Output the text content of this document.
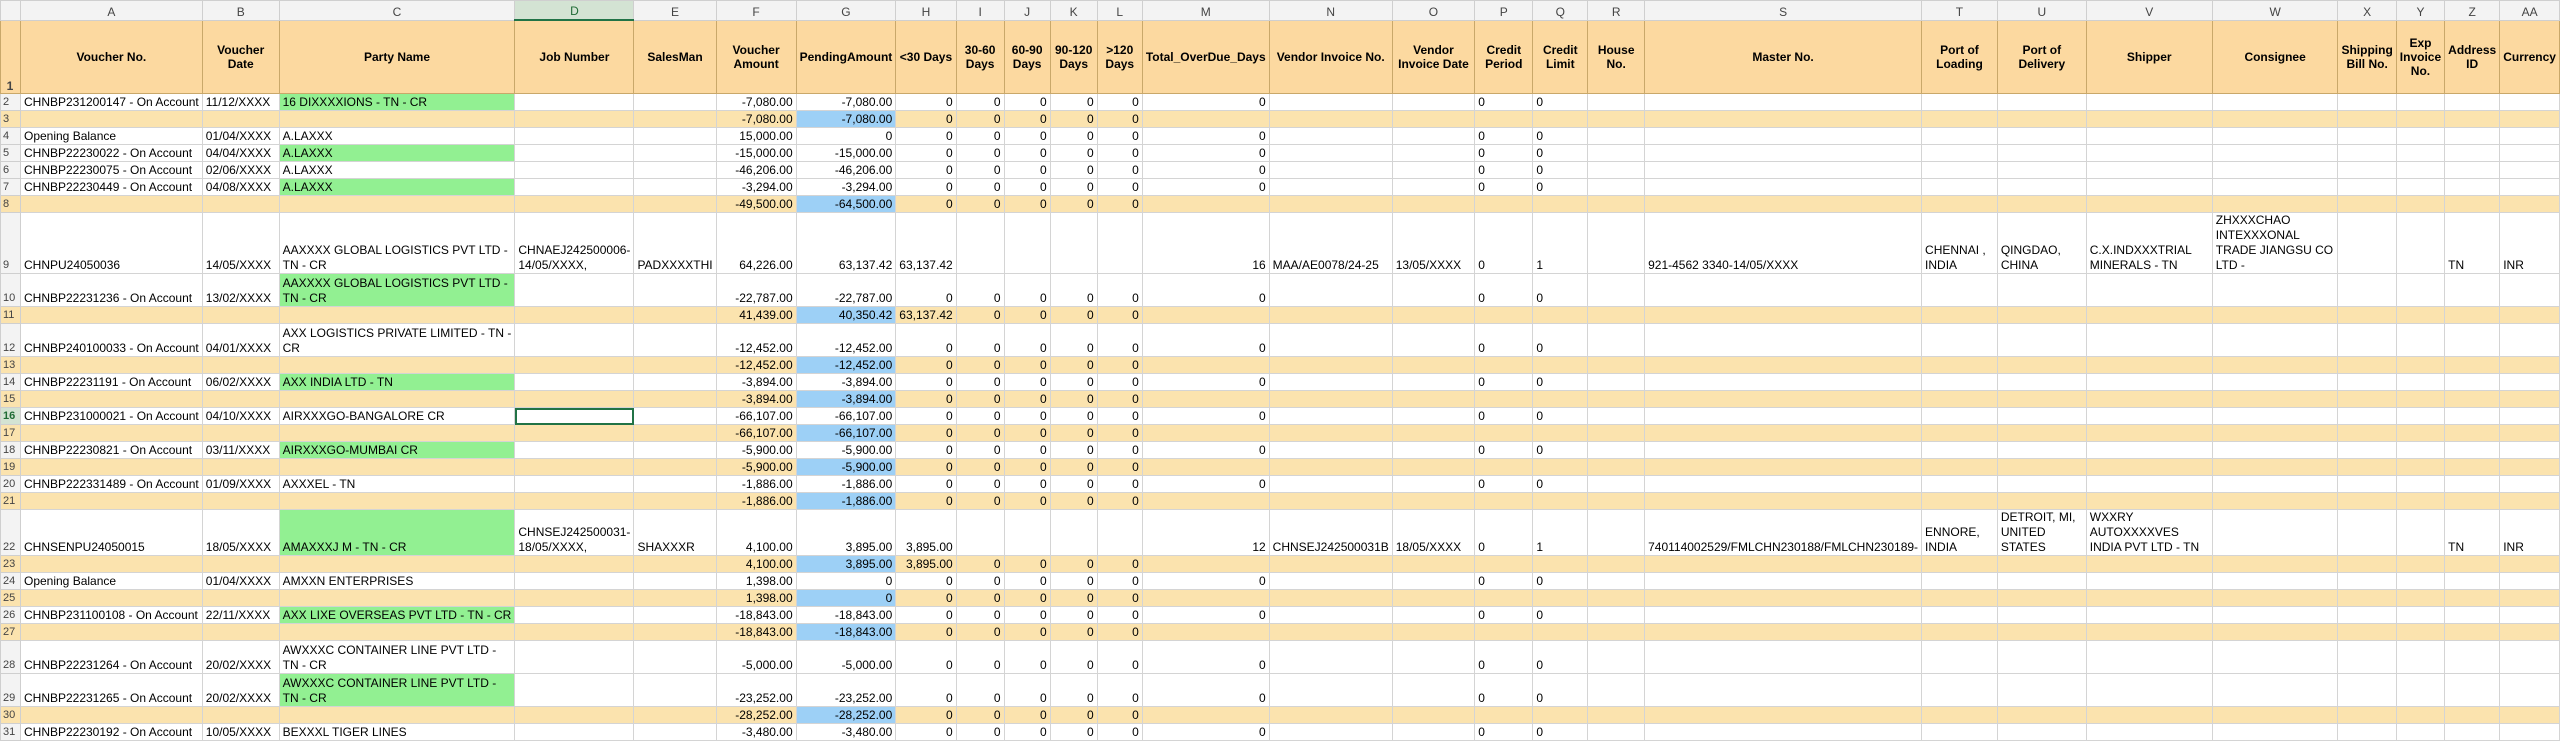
	A	B	C	D	E	F	G	H	I	J	K	L	M	N	O	P	Q	R	S	T	U	V	W	X	Y	Z	AA
1	Voucher No.	Voucher Date	Party Name	Job Number	SalesMan	Voucher Amount	PendingAmount	<30 Days	30-60 Days	60-90 Days	90-120 Days	>120 Days	Total_OverDue_Days	Vendor Invoice No.	Vendor Invoice Date	Credit Period	Credit Limit	House No.	Master No.	Port of Loading	Port of Delivery	Shipper	Consignee	Shipping Bill No.	Exp Invoice No.	Address ID	Currency
2	CHNBP231200147 - On Account	11/12/XXXX	16 DIXXXXIONS - TN - CR			-7,080.00	-7,080.00	0	0	0	0	0	0			0	0										
3						-7,080.00	-7,080.00	0	0	0	0	0															
4	Opening Balance	01/04/XXXX	A.LAXXX			15,000.00	0	0	0	0	0	0	0			0	0										
5	CHNBP22230022 - On Account	04/04/XXXX	A.LAXXX			-15,000.00	-15,000.00	0	0	0	0	0	0			0	0										
6	CHNBP22230075 - On Account	02/06/XXXX	A.LAXXX			-46,206.00	-46,206.00	0	0	0	0	0	0			0	0										
7	CHNBP22230449 - On Account	04/08/XXXX	A.LAXXX			-3,294.00	-3,294.00	0	0	0	0	0	0			0	0										
8						-49,500.00	-64,500.00	0	0	0	0	0															
9	CHNPU24050036	14/05/XXXX	AAXXXX GLOBAL LOGISTICS PVT LTD - TN - CR	CHNAEJ242500006-14/05/XXXX,	PADXXXXTHI	64,226.00	63,137.42	63,137.42					16	MAA/AE0078/24-25	13/05/XXXX	0	1		921-4562 3340-14/05/XXXX	CHENNAI , INDIA	QINGDAO, CHINA	C.X.INDXXXTRIAL MINERALS - TN	ZHXXXCHAO INTEXXXONAL TRADE JIANGSU CO LTD -			TN	INR
10	CHNBP22231236 - On Account	13/02/XXXX	AAXXXX GLOBAL LOGISTICS PVT LTD - TN - CR			-22,787.00	-22,787.00	0	0	0	0	0	0			0	0										
11						41,439.00	40,350.42	63,137.42	0	0	0	0															
12	CHNBP240100033 - On Account	04/01/XXXX	AXX LOGISTICS PRIVATE LIMITED - TN - CR			-12,452.00	-12,452.00	0	0	0	0	0	0			0	0										
13						-12,452.00	-12,452.00	0	0	0	0	0															
14	CHNBP22231191 - On Account	06/02/XXXX	AXX INDIA LTD - TN			-3,894.00	-3,894.00	0	0	0	0	0	0			0	0										
15						-3,894.00	-3,894.00	0	0	0	0	0															
16	CHNBP231000021 - On Account	04/10/XXXX	AIRXXXGO-BANGALORE CR			-66,107.00	-66,107.00	0	0	0	0	0	0			0	0										
17						-66,107.00	-66,107.00	0	0	0	0	0															
18	CHNBP22230821 - On Account	03/11/XXXX	AIRXXXGO-MUMBAI CR			-5,900.00	-5,900.00	0	0	0	0	0	0			0	0										
19						-5,900.00	-5,900.00	0	0	0	0	0															
20	CHNBP222331489 - On Account	01/09/XXXX	AXXXEL - TN			-1,886.00	-1,886.00	0	0	0	0	0	0			0	0										
21						-1,886.00	-1,886.00	0	0	0	0	0															
22	CHNSENPU24050015	18/05/XXXX	AMAXXXJ M - TN - CR	CHNSEJ242500031-18/05/XXXX,	SHAXXXR	4,100.00	3,895.00	3,895.00					12	CHNSEJ242500031B	18/05/XXXX	0	1		740114002529/FMLCHN230188/FMLCHN230189-	ENNORE, INDIA	DETROIT, MI, UNITED STATES	WXXRY AUTOXXXXVES INDIA PVT LTD - TN				TN	INR
23						4,100.00	3,895.00	3,895.00	0	0	0	0															
24	Opening Balance	01/04/XXXX	AMXXN ENTERPRISES			1,398.00	0	0	0	0	0	0	0			0	0										
25						1,398.00	0	0	0	0	0	0															
26	CHNBP231100108 - On Account	22/11/XXXX	AXX LIXE OVERSEAS PVT LTD - TN - CR			-18,843.00	-18,843.00	0	0	0	0	0	0			0	0										
27						-18,843.00	-18,843.00	0	0	0	0	0															
28	CHNBP22231264 - On Account	20/02/XXXX	AWXXXC CONTAINER LINE PVT LTD - TN - CR			-5,000.00	-5,000.00	0	0	0	0	0	0			0	0										
29	CHNBP22231265 - On Account	20/02/XXXX	AWXXXC CONTAINER LINE PVT LTD - TN - CR			-23,252.00	-23,252.00	0	0	0	0	0	0			0	0										
30						-28,252.00	-28,252.00	0	0	0	0	0															
31	CHNBP22230192 - On Account	10/05/XXXX	BEXXXL TIGER LINES			-3,480.00	-3,480.00	0	0	0	0	0	0			0	0										
